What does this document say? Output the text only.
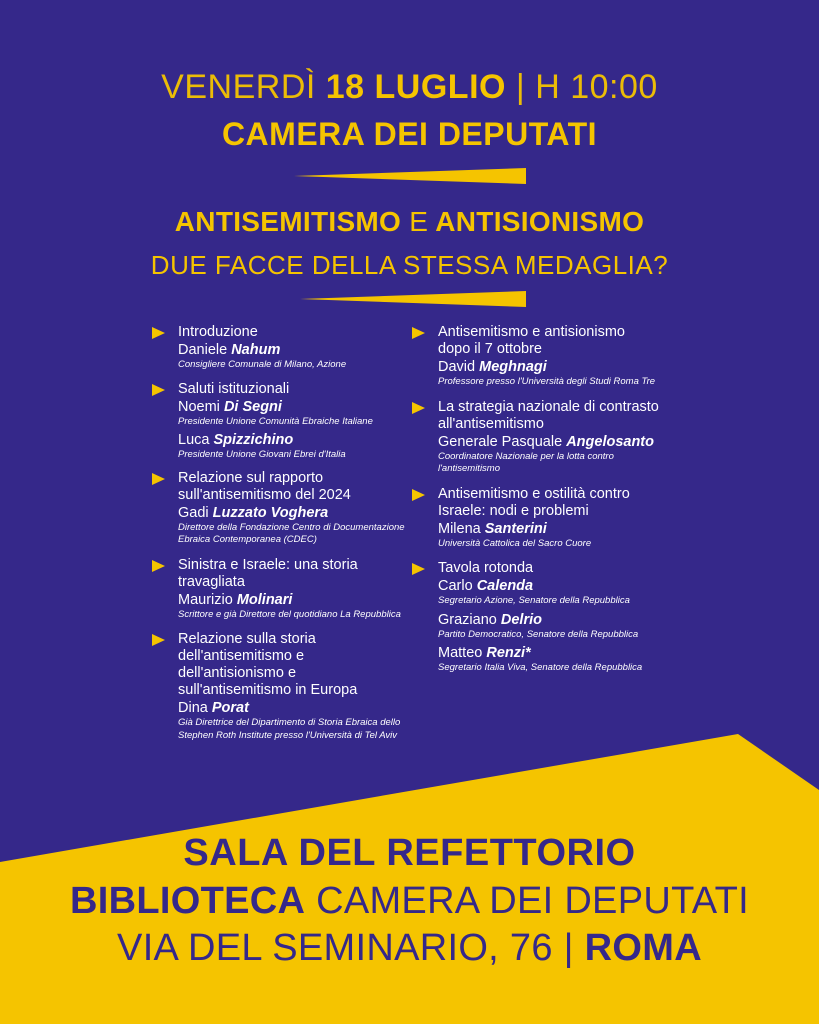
VENERDÌ 18 LUGLIO | H 10:00
CAMERA DEI DEPUTATI
ANTISEMITISMO E ANTISIONISMO
DUE FACCE DELLA STESSA MEDAGLIA?
Introduzione
Daniele Nahum
Consigliere Comunale di Milano, Azione
Saluti istituzionali
Noemi Di Segni
Presidente Unione Comunità Ebraiche Italiane
Luca Spizzichino
Presidente Unione Giovani Ebrei d'Italia
Relazione sul rapporto
sull'antisemitismo del 2024
Gadi Luzzato Voghera
Direttore della Fondazione Centro di Documentazione
Ebraica Contemporanea (CDEC)
Sinistra e Israele: una storia
travagliata
Maurizio Molinari
Scrittore e già Direttore del quotidiano La Repubblica
Relazione sulla storia
dell'antisemitismo e
dell'antisionismo e
sull'antisemitismo in Europa
Dina Porat
Già Direttrice del Dipartimento di Storia Ebraica dello
Stephen Roth Institute presso l'Università di Tel Aviv
Antisemitismo e antisionismo
dopo il 7 ottobre
David Meghnagi
Professore presso l'Università degli Studi Roma Tre
La strategia nazionale di contrasto
all'antisemitismo
Generale Pasquale Angelosanto
Coordinatore Nazionale per la lotta contro
l'antisemitismo
Antisemitismo e ostilità contro
Israele: nodi e problemi
Milena Santerini
Università Cattolica del Sacro Cuore
Tavola rotonda
Carlo Calenda
Segretario Azione, Senatore della Repubblica
Graziano Delrio
Partito Democratico, Senatore della Repubblica
Matteo Renzi*
Segretario Italia Viva, Senatore della Repubblica
SALA DEL REFETTORIO
BIBLIOTECA CAMERA DEI DEPUTATI
VIA DEL SEMINARIO, 76 | ROMA
